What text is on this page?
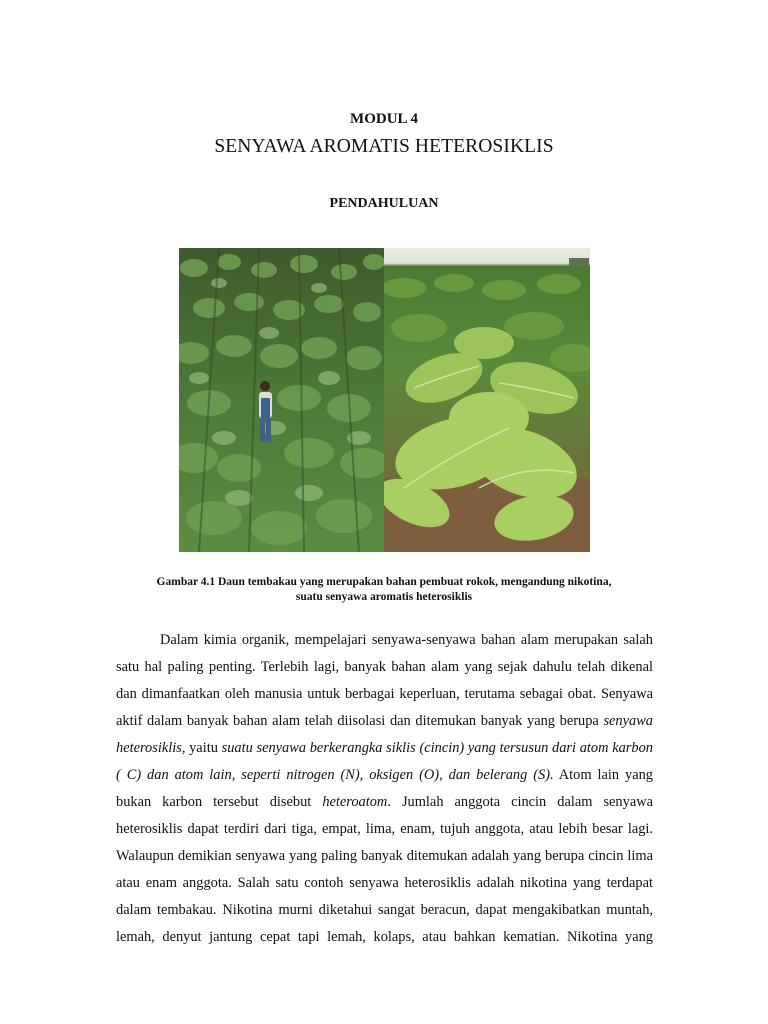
MODUL 4
SENYAWA AROMATIS HETEROSIKLIS
PENDAHULUAN
Gambar 4.1 Daun tembakau yang merupakan bahan pembuat rokok, mengandung nikotina,
suatu senyawa aromatis heterosiklis

Dalam kimia organik, mempelajari senyawa-senyawa bahan alam merupakan salah satu hal paling penting. Terlebih lagi, banyak bahan alam yang sejak dahulu telah dikenal dan dimanfaatkan oleh manusia untuk berbagai keperluan, terutama sebagai obat. Senyawa aktif dalam banyak bahan alam telah diisolasi dan ditemukan banyak yang berupa senyawa heterosiklis, yaitu suatu senyawa berkerangka siklis (cincin) yang tersusun dari atom karbon ( C) dan atom lain, seperti nitrogen (N), oksigen (O), dan belerang (S). Atom lain yang bukan karbon tersebut disebut heteroatom. Jumlah anggota cincin dalam senyawa heterosiklis dapat terdiri dari tiga, empat, lima, enam, tujuh anggota, atau lebih besar lagi. Walaupun demikian senyawa yang paling banyak ditemukan adalah yang berupa cincin lima atau enam anggota. Salah satu contoh senyawa heterosiklis adalah nikotina yang terdapat dalam tembakau. Nikotina murni diketahui sangat beracun, dapat mengakibatkan muntah, lemah, denyut jantung cepat tapi lemah, kolaps, atau bahkan kematian. Nikotina yang
